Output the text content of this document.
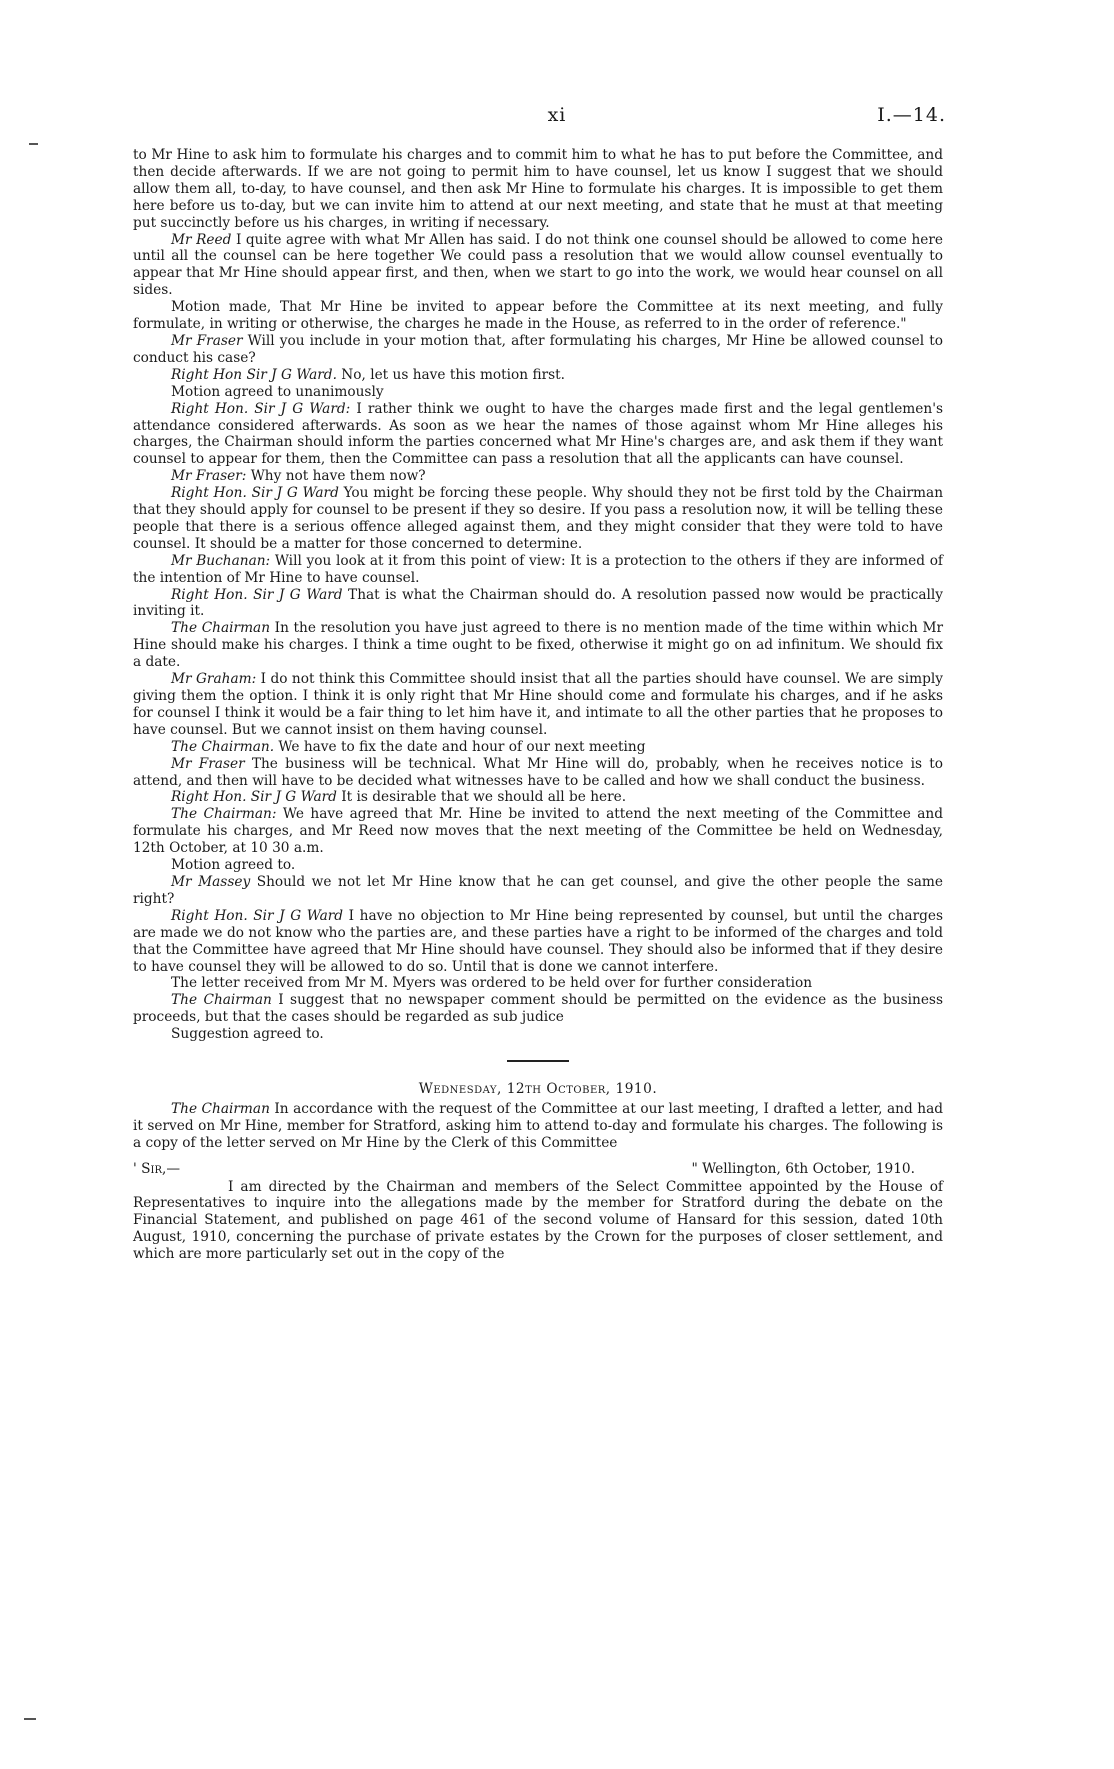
xi	I.—14.

to Mr Hine to ask him to formulate his charges and to commit him to what he has to put before the Committee, and then decide afterwards. If we are not going to permit him to have counsel, let us know I suggest that we should allow them all, to-day, to have counsel, and then ask Mr Hine to formulate his charges. It is impossible to get them here before us to-day, but we can invite him to attend at our next meeting, and state that he must at that meeting put succinctly before us his charges, in writing if necessary.

Mr Reed I quite agree with what Mr Allen has said. I do not think one counsel should be allowed to come here until all the counsel can be here together We could pass a resolution that we would allow counsel eventually to appear that Mr Hine should appear first, and then, when we start to go into the work, we would hear counsel on all sides.

Motion made, That Mr Hine be invited to appear before the Committee at its next meeting, and fully formulate, in writing or otherwise, the charges he made in the House, as referred to in the order of reference."

Mr Fraser Will you include in your motion that, after formulating his charges, Mr Hine be allowed counsel to conduct his case?

Right Hon Sir J G Ward. No, let us have this motion first.

Motion agreed to unanimously

Right Hon. Sir J G Ward: I rather think we ought to have the charges made first and the legal gentlemen's attendance considered afterwards. As soon as we hear the names of those against whom Mr Hine alleges his charges, the Chairman should inform the parties concerned what Mr Hine's charges are, and ask them if they want counsel to appear for them, then the Committee can pass a resolution that all the applicants can have counsel.

Mr Fraser: Why not have them now?

Right Hon. Sir J G Ward You might be forcing these people. Why should they not be first told by the Chairman that they should apply for counsel to be present if they so desire. If you pass a resolution now, it will be telling these people that there is a serious offence alleged against them, and they might consider that they were told to have counsel. It should be a matter for those concerned to determine.

Mr Buchanan: Will you look at it from this point of view: It is a protection to the others if they are informed of the intention of Mr Hine to have counsel.

Right Hon. Sir J G Ward That is what the Chairman should do. A resolution passed now would be practically inviting it.

The Chairman In the resolution you have just agreed to there is no mention made of the time within which Mr Hine should make his charges. I think a time ought to be fixed, otherwise it might go on ad infinitum. We should fix a date.

Mr Graham: I do not think this Committee should insist that all the parties should have counsel. We are simply giving them the option. I think it is only right that Mr Hine should come and formulate his charges, and if he asks for counsel I think it would be a fair thing to let him have it, and intimate to all the other parties that he proposes to have counsel. But we cannot insist on them having counsel.

The Chairman. We have to fix the date and hour of our next meeting

Mr Fraser The business will be technical. What Mr Hine will do, probably, when he receives notice is to attend, and then will have to be decided what witnesses have to be called and how we shall conduct the business.

Right Hon. Sir J G Ward It is desirable that we should all be here.

The Chairman: We have agreed that Mr. Hine be invited to attend the next meeting of the Committee and formulate his charges, and Mr Reed now moves that the next meeting of the Committee be held on Wednesday, 12th October, at 10 30 a.m.

Motion agreed to.

Mr Massey Should we not let Mr Hine know that he can get counsel, and give the other people the same right?

Right Hon. Sir J G Ward I have no objection to Mr Hine being represented by counsel, but until the charges are made we do not know who the parties are, and these parties have a right to be informed of the charges and told that the Committee have agreed that Mr Hine should have counsel. They should also be informed that if they desire to have counsel they will be allowed to do so. Until that is done we cannot interfere.

The letter received from Mr M. Myers was ordered to be held over for further consideration

The Chairman I suggest that no newspaper comment should be permitted on the evidence as the business proceeds, but that the cases should be regarded as sub judice

Suggestion agreed to.

Wednesday, 12th October, 1910.

The Chairman In accordance with the request of the Committee at our last meeting, I drafted a letter, and had it served on Mr Hine, member for Stratford, asking him to attend to-day and formulate his charges. The following is a copy of the letter served on Mr Hine by the Clerk of this Committee

' Sir,—	" Wellington, 6th October, 1910.

I am directed by the Chairman and members of the Select Committee appointed by the House of Representatives to inquire into the allegations made by the member for Stratford during the debate on the Financial Statement, and published on page 461 of the second volume of Hansard for this session, dated 10th August, 1910, concerning the purchase of private estates by the Crown for the purposes of closer settlement, and which are more particularly set out in the copy of the
